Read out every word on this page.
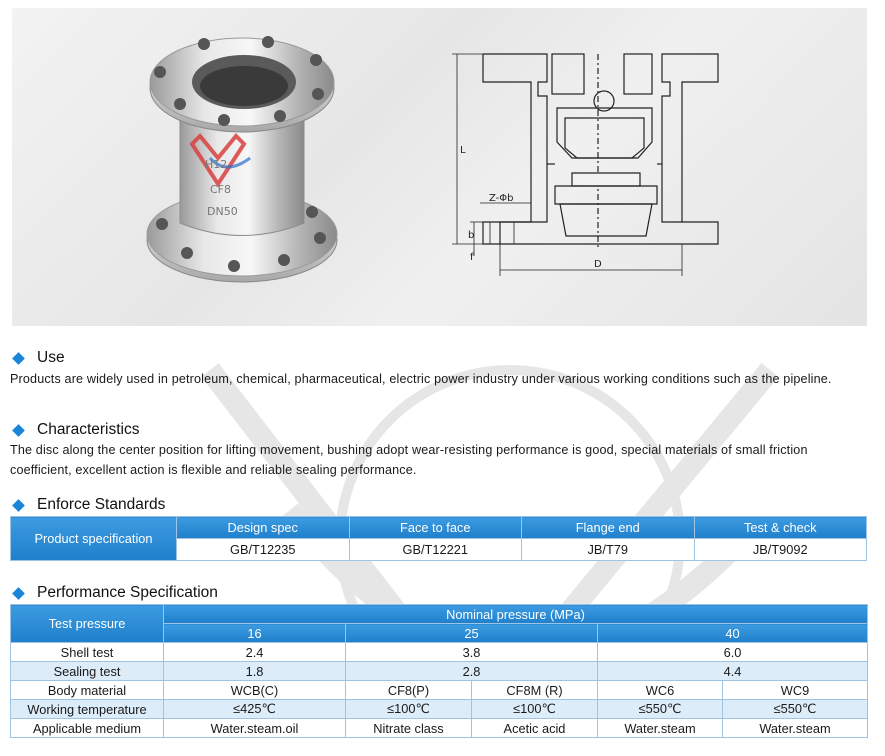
H12
CF8
DN50
L
Z-Φb
b
f
D
Use
Products are widely used in petroleum, chemical, pharmaceutical, electric power industry under various working conditions such as the pipeline.
Characteristics
The disc along the center position for lifting movement, bushing adopt wear-resisting performance is good, special materials of small friction coefficient, excellent action is flexible and reliable sealing performance.
Enforce Standards
Product specification	Design spec	Face to face	Flange end	Test & check
	GB/T12235	GB/T12221	JB/T79	JB/T9092
Performance Specification
Test pressure	Nominal pressure (MPa)				
	16	25		40	
Shell test	2.4	3.8		6.0	
Sealing test	1.8	2.8		4.4	
Body material	WCB(C)	CF8(P)	CF8M (R)	WC6	WC9
Working temperature	≤425℃	≤100℃	≤100℃	≤550℃	≤550℃
Applicable medium	Water.steam.oil	Nitrate class	Acetic acid	Water.steam	Water.steam
